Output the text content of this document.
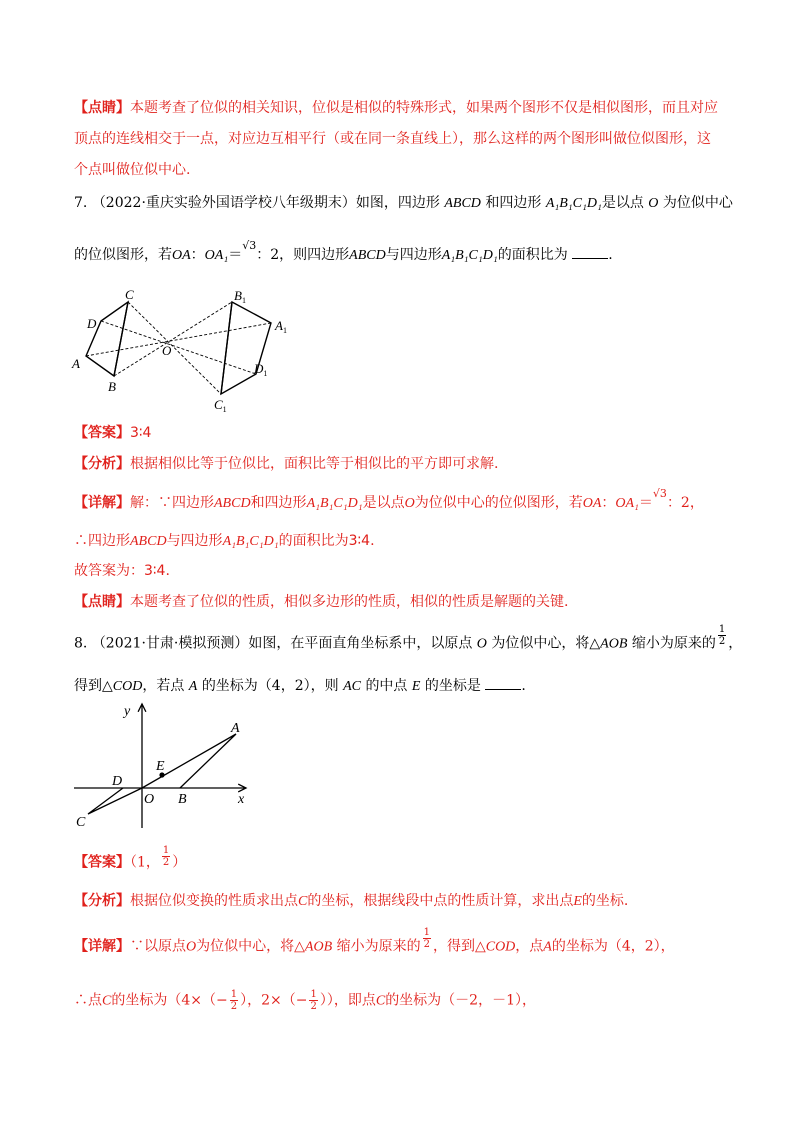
【点睛】本题考查了位似的相关知识，位似是相似的特殊形式，如果两个图形不仅是相似图形，而且对应
顶点的连线相交于一点，对应边互相平行（或在同一条直线上），那么这样的两个图形叫做位似图形，这
个点叫做位似中心.
7. （2022·重庆实验外国语学校八年级期末）如图，四边形 ABCD 和四边形 A₁B₁C₁D₁是以点 O 为位似中心
的位似图形，若OA：OA₁＝√3：2，则四边形ABCD与四边形A₁B₁C₁D₁的面积比为	.
C
D
A
B
O
$B_1$
$A_1$
$D_1$
$C_1$
【答案】3∶4
【分析】根据相似比等于位似比，面积比等于相似比的平方即可求解.
【详解】解：∵四边形ABCD和四边形A₁B₁C₁D₁是以点O为位似中心的位似图形，若OA：OA₁＝√3：2，
∴四边形ABCD与四边形A₁B₁C₁D₁的面积比为3∶4.
故答案为：3∶4.
【点睛】本题考查了位似的性质，相似多边形的性质，相似的性质是解题的关键.
8. （2021·甘肃·模拟预测）如图，在平面直角坐标系中，以原点 O 为位似中心，将△AOB 缩小为原来的 $\frac{1}{2}$ ，
得到△COD，若点 A 的坐标为（4，2），则 AC 的中点 E 的坐标是	.
y
A
E
D
O B	x
C
【答案】（1， $\frac{1}{2}$ ）
【分析】根据位似变换的性质求出点C的坐标，根据线段中点的性质计算，求出点E的坐标.
【详解】∵以原点O为位似中心，将△AOB 缩小为原来的 $\frac{1}{2}$ ，得到△COD，点A的坐标为（4，2），
∴点C的坐标为（$4\times(- \frac{1}{2}$ ），$2\times(- \frac{1}{2}$ ）），即点C的坐标为（－2，－1），
